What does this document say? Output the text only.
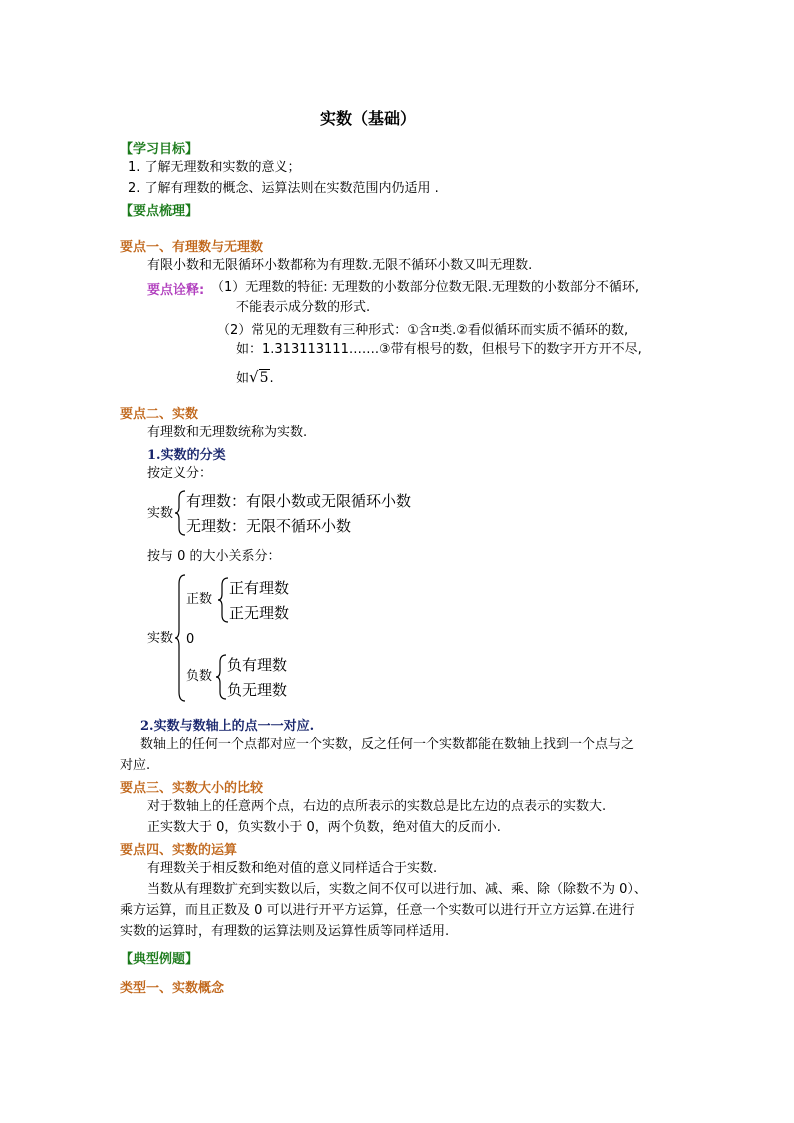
实数（基础）
【学习目标】
1. 了解无理数和实数的意义；
2. 了解有理数的概念、运算法则在实数范围内仍适用 .
【要点梳理】
要点一、有理数与无理数
有限小数和无限循环小数都称为有理数.无限不循环小数又叫无理数.
要点诠释: （1）无理数的特征: 无理数的小数部分位数无限.无理数的小数部分不循环,
不能表示成分数的形式.
（2）常见的无理数有三种形式：①含π类.②看似循环而实质不循环的数,
如：1.313113111…….③带有根号的数，但根号下的数字开方开不尽,
如√5.
要点二、实数
有理数和无理数统称为实数.
1.实数的分类
按定义分：
实数
有理数：有限小数或无限循环小数
无理数：无限不循环小数
按与 0 的大小关系分：
实数
正数
正有理数
正无理数
0
负数
负有理数
负无理数
2.实数与数轴上的点一一对应.
数轴上的任何一个点都对应一个实数，反之任何一个实数都能在数轴上找到一个点与之
对应.
要点三、实数大小的比较
对于数轴上的任意两个点，右边的点所表示的实数总是比左边的点表示的实数大.
正实数大于 0，负实数小于 0，两个负数，绝对值大的反而小.
要点四、实数的运算
有理数关于相反数和绝对值的意义同样适合于实数.
当数从有理数扩充到实数以后，实数之间不仅可以进行加、减、乘、除（除数不为 0）、
乘方运算，而且正数及 0 可以进行开平方运算，任意一个实数可以进行开立方运算.在进行
实数的运算时，有理数的运算法则及运算性质等同样适用.
【典型例题】
类型一、实数概念
